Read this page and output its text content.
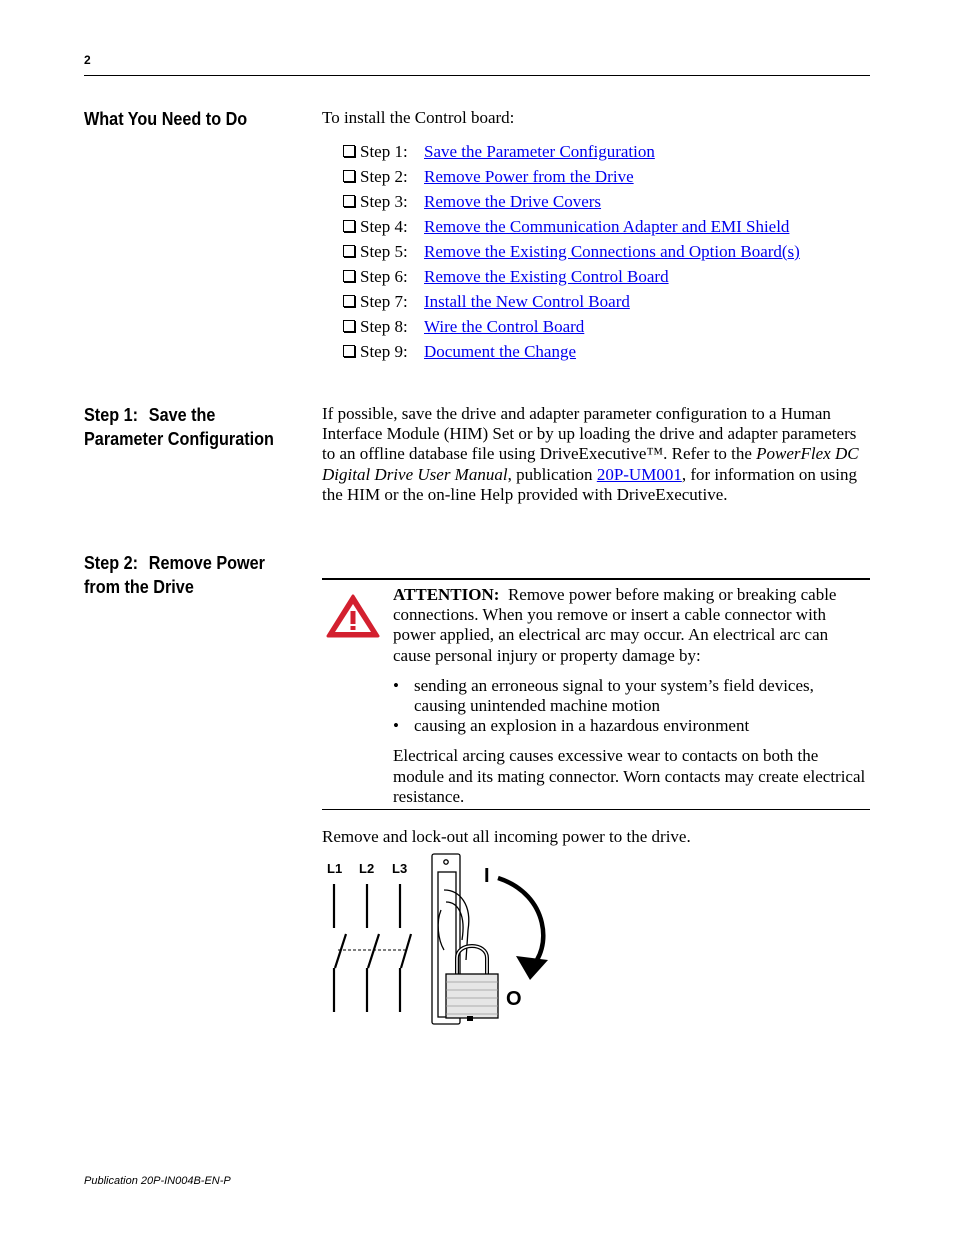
2
What You Need to Do	To install the Control board:
Step 1: Save the Parameter Configuration
Step 2: Remove Power from the Drive
Step 3: Remove the Drive Covers
Step 4: Remove the Communication Adapter and EMI Shield
Step 5: Remove the Existing Connections and Option Board(s)
Step 6: Remove the Existing Control Board
Step 7: Install the New Control Board
Step 8: Wire the Control Board
Step 9: Document the Change
Step 1: Save the
Parameter Configuration
If possible, save the drive and adapter parameter configuration to a Human Interface Module (HIM) Set or by up loading the drive and adapter parameters to an offline database file using DriveExecutive™. Refer to the PowerFlex DC Digital Drive User Manual, publication 20P-UM001, for information on using the HIM or the on-line Help provided with DriveExecutive.
Step 2: Remove Power
from the Drive	ATTENTION: Remove power before making or breaking cable connections. When you remove or insert a cable connector with power applied, an electrical arc may occur. An electrical arc can cause personal injury or property damage by:

• sending an erroneous signal to your system’s field devices, causing unintended machine motion
• causing an explosion in a hazardous environment

Electrical arcing causes excessive wear to contacts on both the module and its mating connector. Worn contacts may create electrical resistance.

Remove and lock-out all incoming power to the drive.
L1 L2 L3	I
O
Publication 20P-IN004B-EN-P
